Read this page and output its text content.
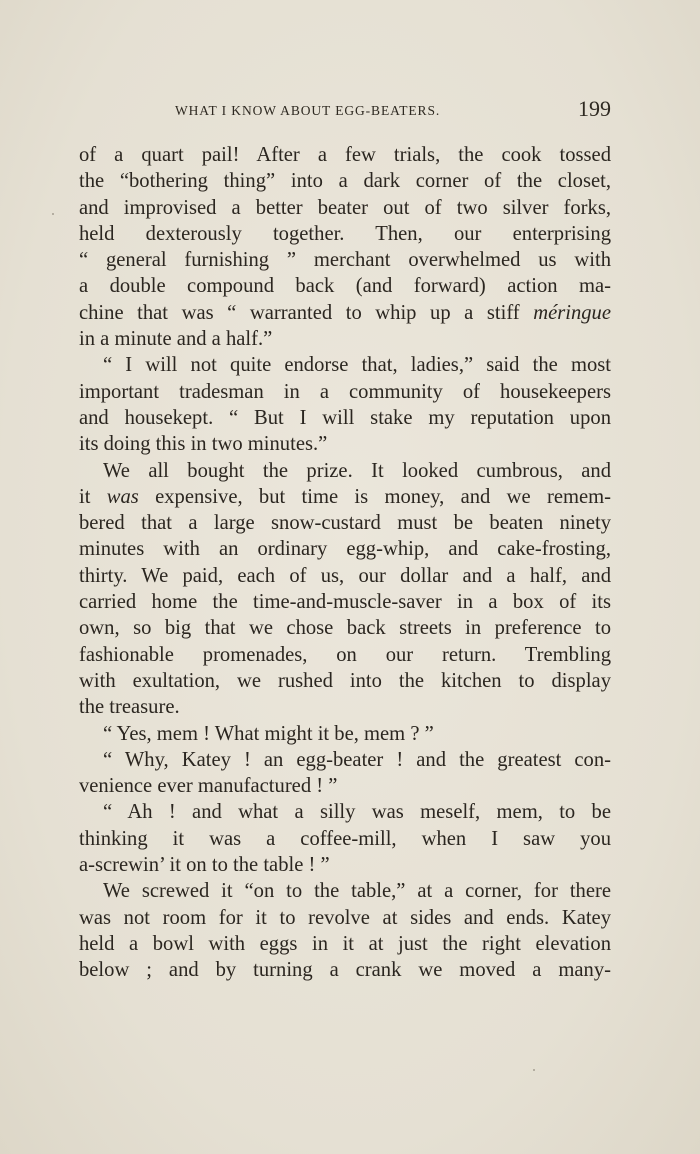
WHAT I KNOW ABOUT EGG-BEATERS.	199
of a quart pail! After a few trials, the cook tossed
the “bothering thing” into a dark corner of the closet,
and improvised a better beater out of two silver forks,
held dexterously together. Then, our enterprising
“ general furnishing ” merchant overwhelmed us with
a double compound back (and forward) action ma-
chine that was “ warranted to whip up a stiff méringue
in a minute and a half.”
“ I will not quite endorse that, ladies,” said the most
important tradesman in a community of housekeepers
and housekept. “ But I will stake my reputation upon
its doing this in two minutes.”
We all bought the prize. It looked cumbrous, and
it was expensive, but time is money, and we remem-
bered that a large snow-custard must be beaten ninety
minutes with an ordinary egg-whip, and cake-frosting,
thirty. We paid, each of us, our dollar and a half, and
carried home the time-and-muscle-saver in a box of its
own, so big that we chose back streets in preference to
fashionable promenades, on our return. Trembling
with exultation, we rushed into the kitchen to display
the treasure.
“ Yes, mem ! What might it be, mem ? ”
“ Why, Katey ! an egg-beater ! and the greatest con-
venience ever manufactured ! ”
“ Ah ! and what a silly was meself, mem, to be
thinking it was a coffee-mill, when I saw you
a-screwin’ it on to the table ! ”
We screwed it “on to the table,” at a corner, for there
was not room for it to revolve at sides and ends. Katey
held a bowl with eggs in it at just the right elevation
below ; and by turning a crank we moved a many-
